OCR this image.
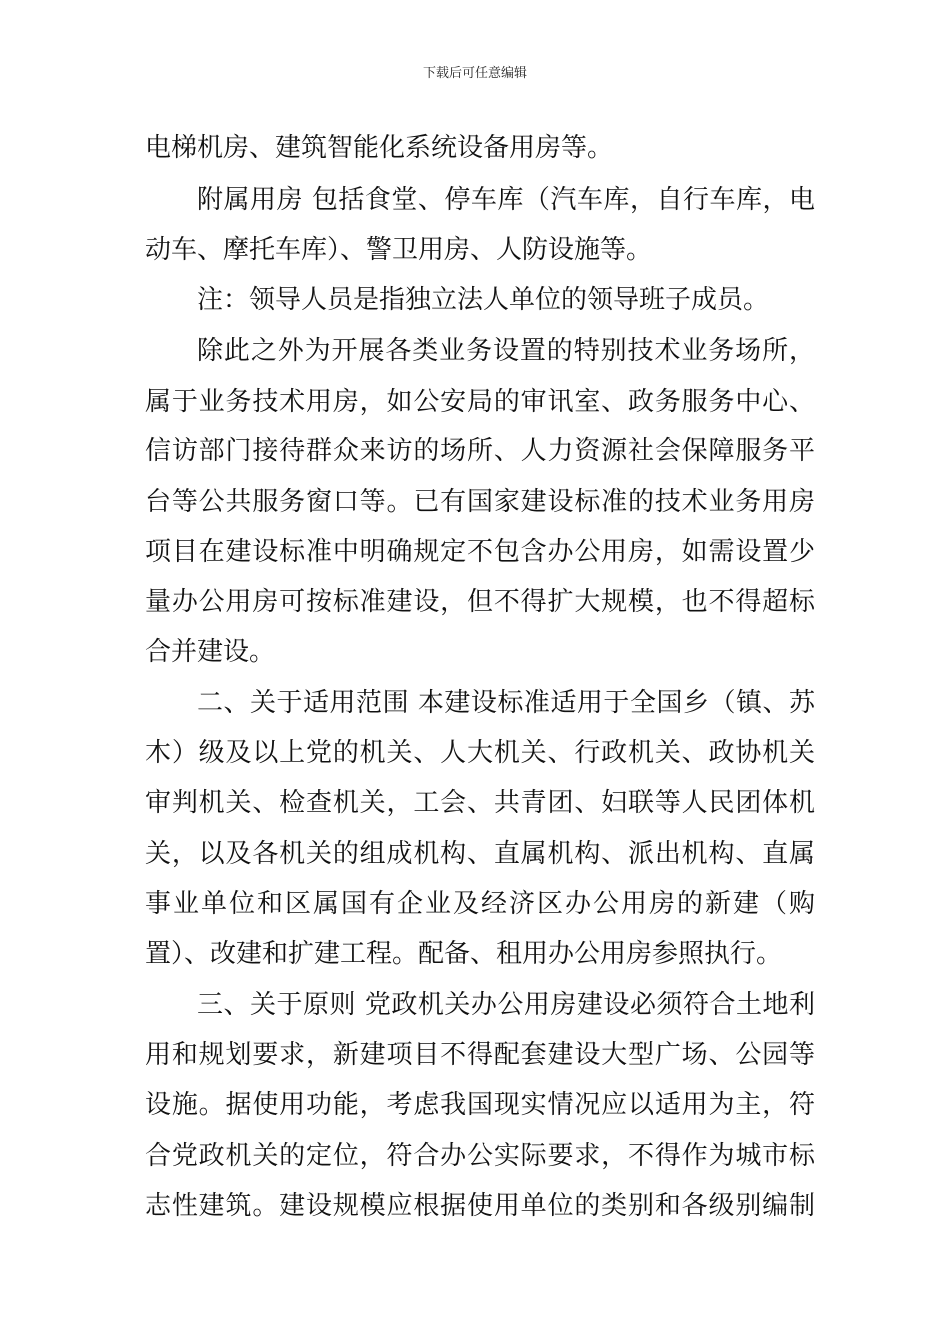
下载后可任意编辑
电梯机房、建筑智能化系统设备用房等。
附属用房 包括食堂、停车库（汽车库，自行车库，电
动车、摩托车库）、警卫用房、人防设施等。
注：领导人员是指独立法人单位的领导班子成员。
除此之外为开展各类业务设置的特别技术业务场所，
属于业务技术用房，如公安局的审讯室、政务服务中心、
信访部门接待群众来访的场所、人力资源社会保障服务平
台等公共服务窗口等。已有国家建设标准的技术业务用房
项目在建设标准中明确规定不包含办公用房，如需设置少
量办公用房可按标准建设，但不得扩大规模，也不得超标
合并建设。
二、关于适用范围 本建设标准适用于全国乡（镇、苏
木）级及以上党的机关、人大机关、行政机关、政协机关
审判机关、检查机关，工会、共青团、妇联等人民团体机
关，以及各机关的组成机构、直属机构、派出机构、直属
事业单位和区属国有企业及经济区办公用房的新建（购
置）、改建和扩建工程。配备、租用办公用房参照执行。
三、关于原则 党政机关办公用房建设必须符合土地利
用和规划要求，新建项目不得配套建设大型广场、公园等
设施。据使用功能，考虑我国现实情况应以适用为主，符
合党政机关的定位，符合办公实际要求，不得作为城市标
志性建筑。建设规模应根据使用单位的类别和各级别编制
